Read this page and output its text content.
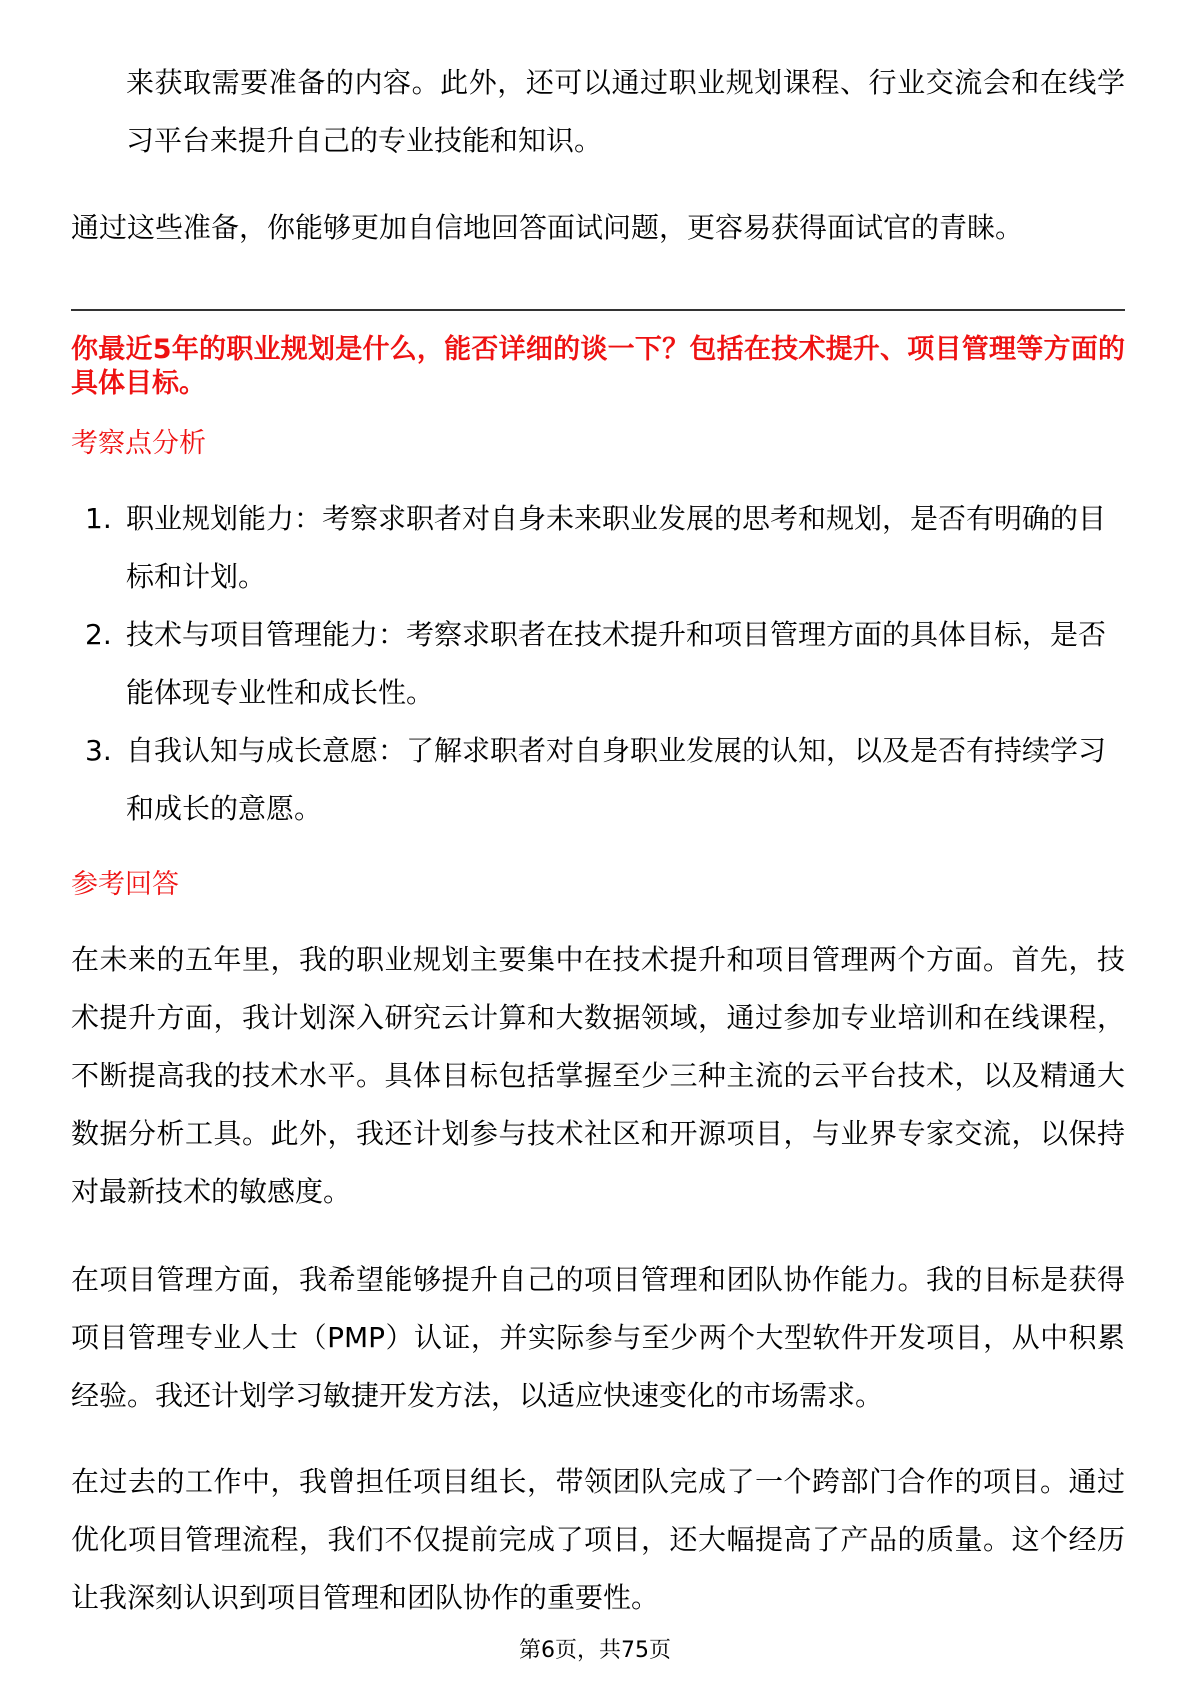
来获取需要准备的内容。此外，还可以通过职业规划课程、行业交流会和在线学习平台来提升自己的专业技能和知识。
通过这些准备，你能够更加自信地回答面试问题，更容易获得面试官的青睐。
你最近5年的职业规划是什么，能否详细的谈一下？包括在技术提升、项目管理等方面的具体目标。
考察点分析
1. 职业规划能力：考察求职者对自身未来职业发展的思考和规划，是否有明确的目标和计划。
2. 技术与项目管理能力：考察求职者在技术提升和项目管理方面的具体目标，是否能体现专业性和成长性。
3. 自我认知与成长意愿：了解求职者对自身职业发展的认知，以及是否有持续学习和成长的意愿。
参考回答
在未来的五年里，我的职业规划主要集中在技术提升和项目管理两个方面。首先，技术提升方面，我计划深入研究云计算和大数据领域，通过参加专业培训和在线课程，不断提高我的技术水平。具体目标包括掌握至少三种主流的云平台技术，以及精通大数据分析工具。此外，我还计划参与技术社区和开源项目，与业界专家交流，以保持对最新技术的敏感度。
在项目管理方面，我希望能够提升自己的项目管理和团队协作能力。我的目标是获得项目管理专业人士（PMP）认证，并实际参与至少两个大型软件开发项目，从中积累经验。我还计划学习敏捷开发方法，以适应快速变化的市场需求。
在过去的工作中，我曾担任项目组长，带领团队完成了一个跨部门合作的项目。通过优化项目管理流程，我们不仅提前完成了项目，还大幅提高了产品的质量。这个经历让我深刻认识到项目管理和团队协作的重要性。
第6页，共75页
